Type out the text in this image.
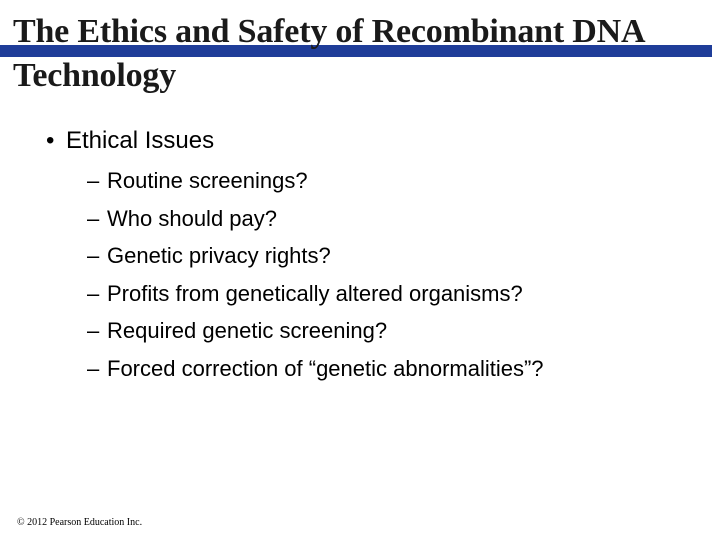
The Ethics and Safety of Recombinant DNA
Technology
• Ethical Issues
– Routine screenings?
– Who should pay?
– Genetic privacy rights?
– Profits from genetically altered organisms?
– Required genetic screening?
– Forced correction of “genetic abnormalities”?
© 2012 Pearson Education Inc.
